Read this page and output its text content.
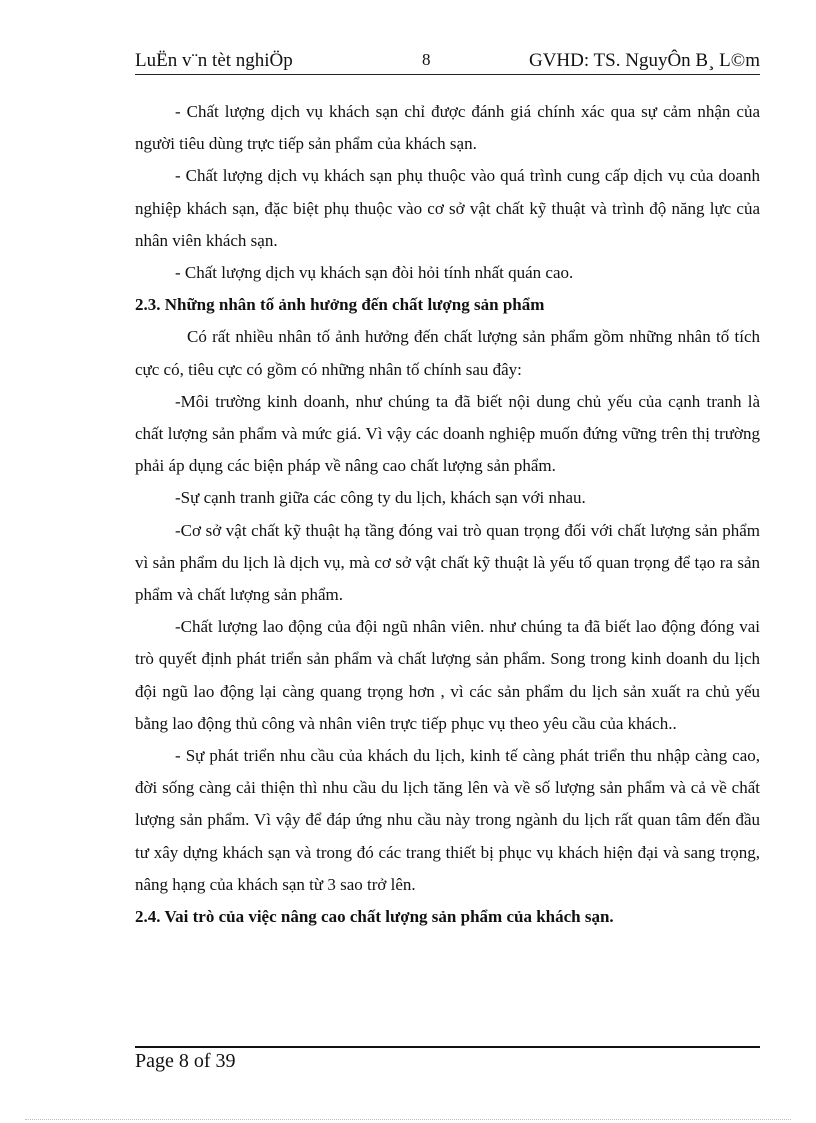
LuËn v¨n tèt nghiÖp	8	GVHD: TS. NguyÔn B¸ L©m

- Chất lượng dịch vụ khách sạn chỉ được đánh giá chính xác qua sự cảm nhận của người tiêu dùng trực tiếp sản phẩm của khách sạn.

- Chất lượng dịch vụ khách sạn phụ thuộc vào quá trình cung cấp dịch vụ của doanh nghiệp khách sạn, đặc biệt phụ thuộc vào cơ sở vật chất kỹ thuật và trình độ năng lực của nhân viên khách sạn.

- Chất lượng dịch vụ khách sạn đòi hỏi tính nhất quán cao.

2.3. Những nhân tố ảnh hưởng đến chất lượng sản phẩm

Có rất nhiều nhân tố ảnh hưởng đến chất lượng sản phẩm gồm những nhân tố tích cực có, tiêu cực có gồm có những nhân tố chính sau đây:

-Môi trường kinh doanh, như chúng ta đã biết nội dung chủ yếu của cạnh tranh là chất lượng sản phẩm và mức giá. Vì vậy các doanh nghiệp muốn đứng vững trên thị trường phải áp dụng các biện pháp về nâng cao chất lượng sản phẩm.

-Sự cạnh tranh giữa các công ty du lịch, khách sạn với nhau.

-Cơ sở vật chất kỹ thuật hạ tầng đóng vai trò quan trọng đối với chất lượng sản phẩm vì sản phẩm du lịch là dịch vụ, mà cơ sở vật chất kỹ thuật là yếu tố quan trọng để tạo ra sản phẩm và chất lượng sản phẩm.

-Chất lượng lao động của đội ngũ nhân viên. như chúng ta đã biết lao động đóng vai trò quyết định phát triển sản phẩm và chất lượng sản phẩm. Song trong kinh doanh du lịch đội ngũ lao động lại càng quang trọng hơn , vì các sản phẩm du lịch sản xuất ra chủ yếu bằng lao động thủ công và nhân viên trực tiếp phục vụ theo yêu cầu của khách..

- Sự phát triển nhu cầu của khách du lịch, kinh tế càng phát triển thu nhập càng cao, đời sống càng cải thiện thì nhu cầu du lịch tăng lên và về số lượng sản phẩm và cả về chất lượng sản phẩm. Vì vậy để đáp ứng nhu cầu này trong ngành du lịch rất quan tâm đến đầu tư xây dựng khách sạn và trong đó các trang thiết bị phục vụ khách hiện đại và sang trọng, nâng hạng của khách sạn từ 3 sao trở lên.

2.4. Vai trò của việc nâng cao chất lượng sản phẩm của khách sạn.

Page 8 of 39
